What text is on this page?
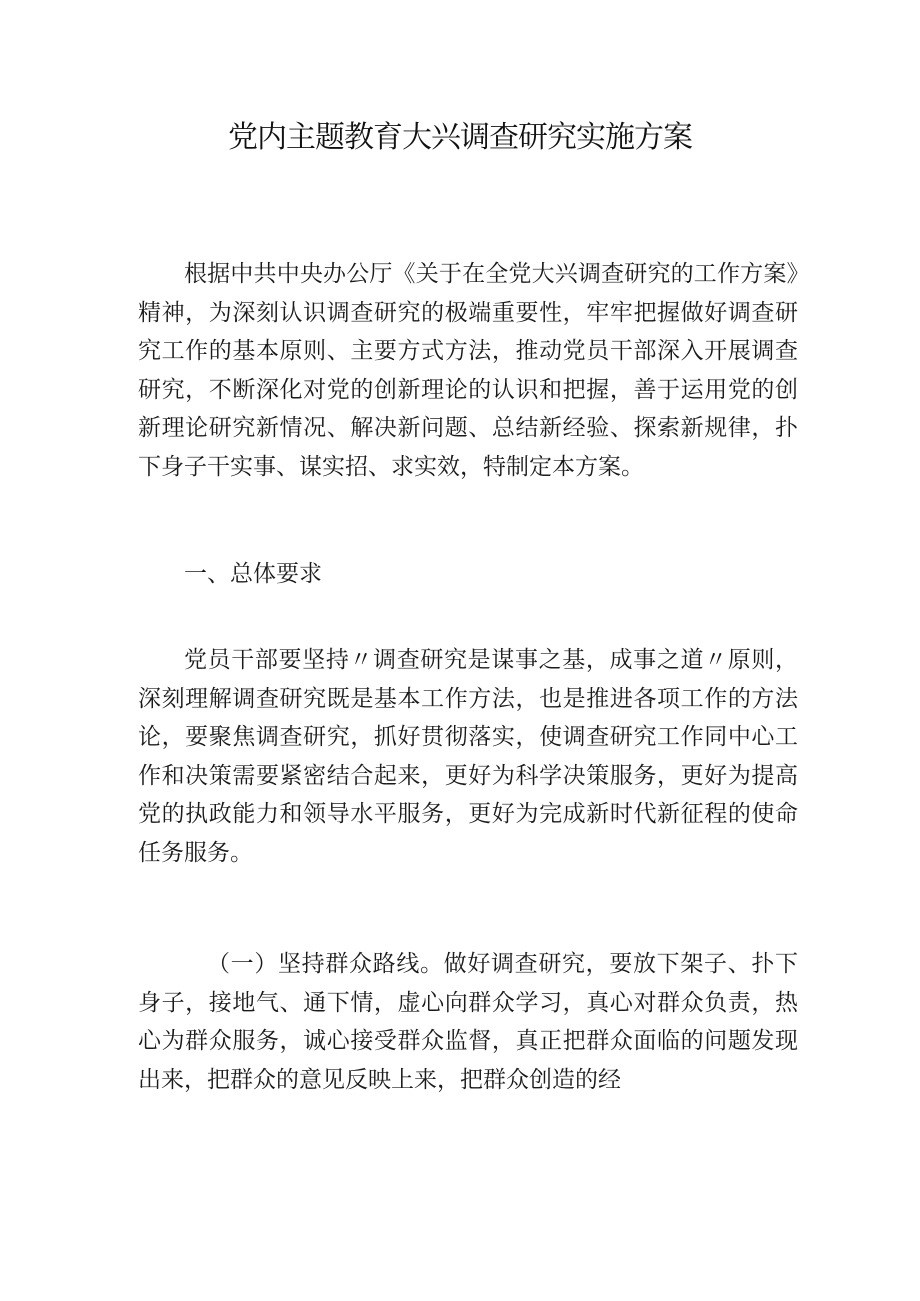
党内主题教育大兴调查研究实施方案

根据中共中央办公厅《关于在全党大兴调查研究的工作方案》精神，为深刻认识调查研究的极端重要性，牢牢把握做好调查研究工作的基本原则、主要方式方法，推动党员干部深入开展调查研究，不断深化对党的创新理论的认识和把握，善于运用党的创新理论研究新情况、解决新问题、总结新经验、探索新规律，扑下身子干实事、谋实招、求实效，特制定本方案。

一、总体要求

党员干部要坚持〃调查研究是谋事之基，成事之道〃原则，深刻理解调查研究既是基本工作方法，也是推进各项工作的方法论，要聚焦调查研究，抓好贯彻落实，使调查研究工作同中心工作和决策需要紧密结合起来，更好为科学决策服务，更好为提高党的执政能力和领导水平服务，更好为完成新时代新征程的使命任务服务。

（一）坚持群众路线。做好调查研究，要放下架子、扑下身子，接地气、通下情，虚心向群众学习，真心对群众负责，热心为群众服务，诚心接受群众监督，真正把群众面临的问题发现出来，把群众的意见反映上来，把群众创造的经
